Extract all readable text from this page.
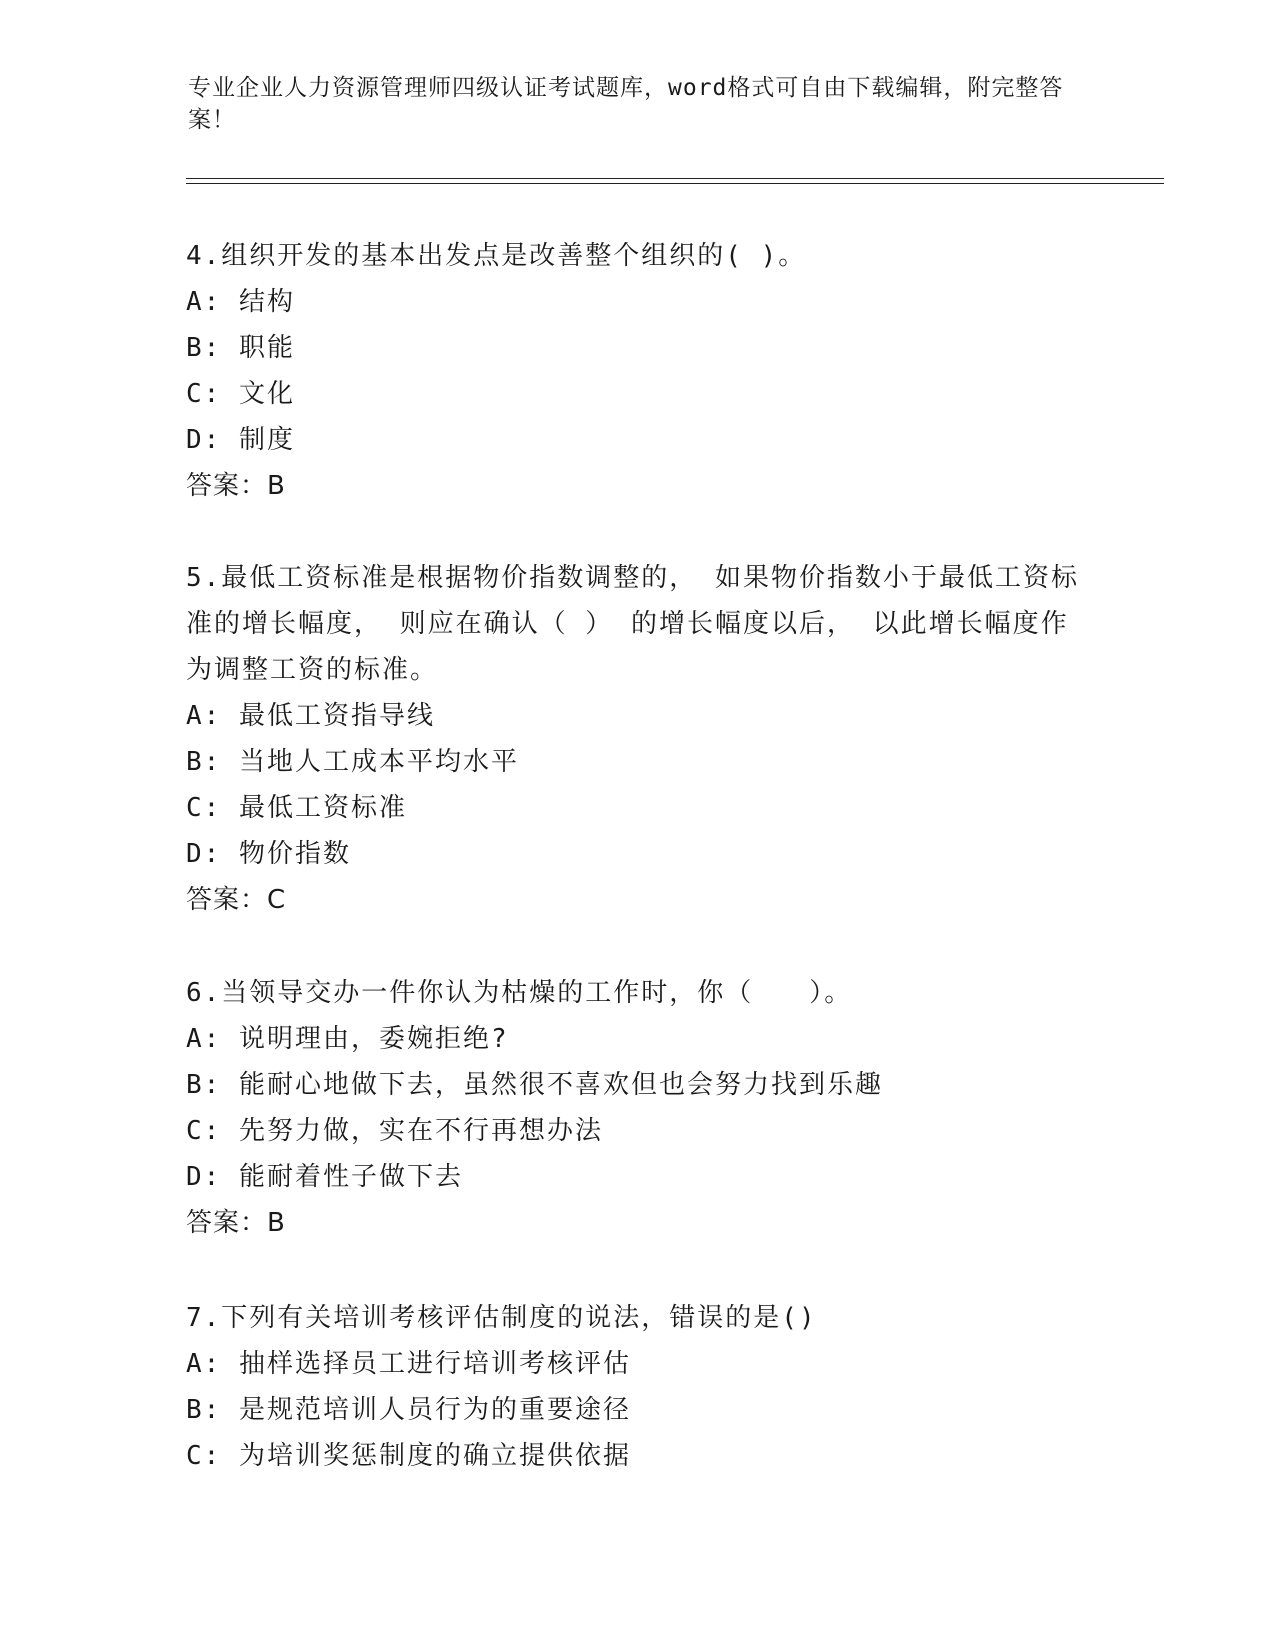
专业企业人力资源管理师四级认证考试题库，word格式可自由下载编辑，附完整答案！

4.组织开发的基本出发点是改善整个组织的( )。

A: 结构

B: 职能

C: 文化

D: 制度

答案：B

5.最低工资标准是根据物价指数调整的， 如果物价指数小于最低工资标准的增长幅度， 则应在确认（ ） 的增长幅度以后， 以此增长幅度作为调整工资的标准。

A: 最低工资指导线

B: 当地人工成本平均水平

C: 最低工资标准

D: 物价指数

答案：C

6.当领导交办一件你认为枯燥的工作时，你（　　）。

A: 说明理由，委婉拒绝?

B: 能耐心地做下去，虽然很不喜欢但也会努力找到乐趣

C: 先努力做，实在不行再想办法

D: 能耐着性子做下去

答案：B

7.下列有关培训考核评估制度的说法，错误的是()

A: 抽样选择员工进行培训考核评估

B: 是规范培训人员行为的重要途径

C: 为培训奖惩制度的确立提供依据
